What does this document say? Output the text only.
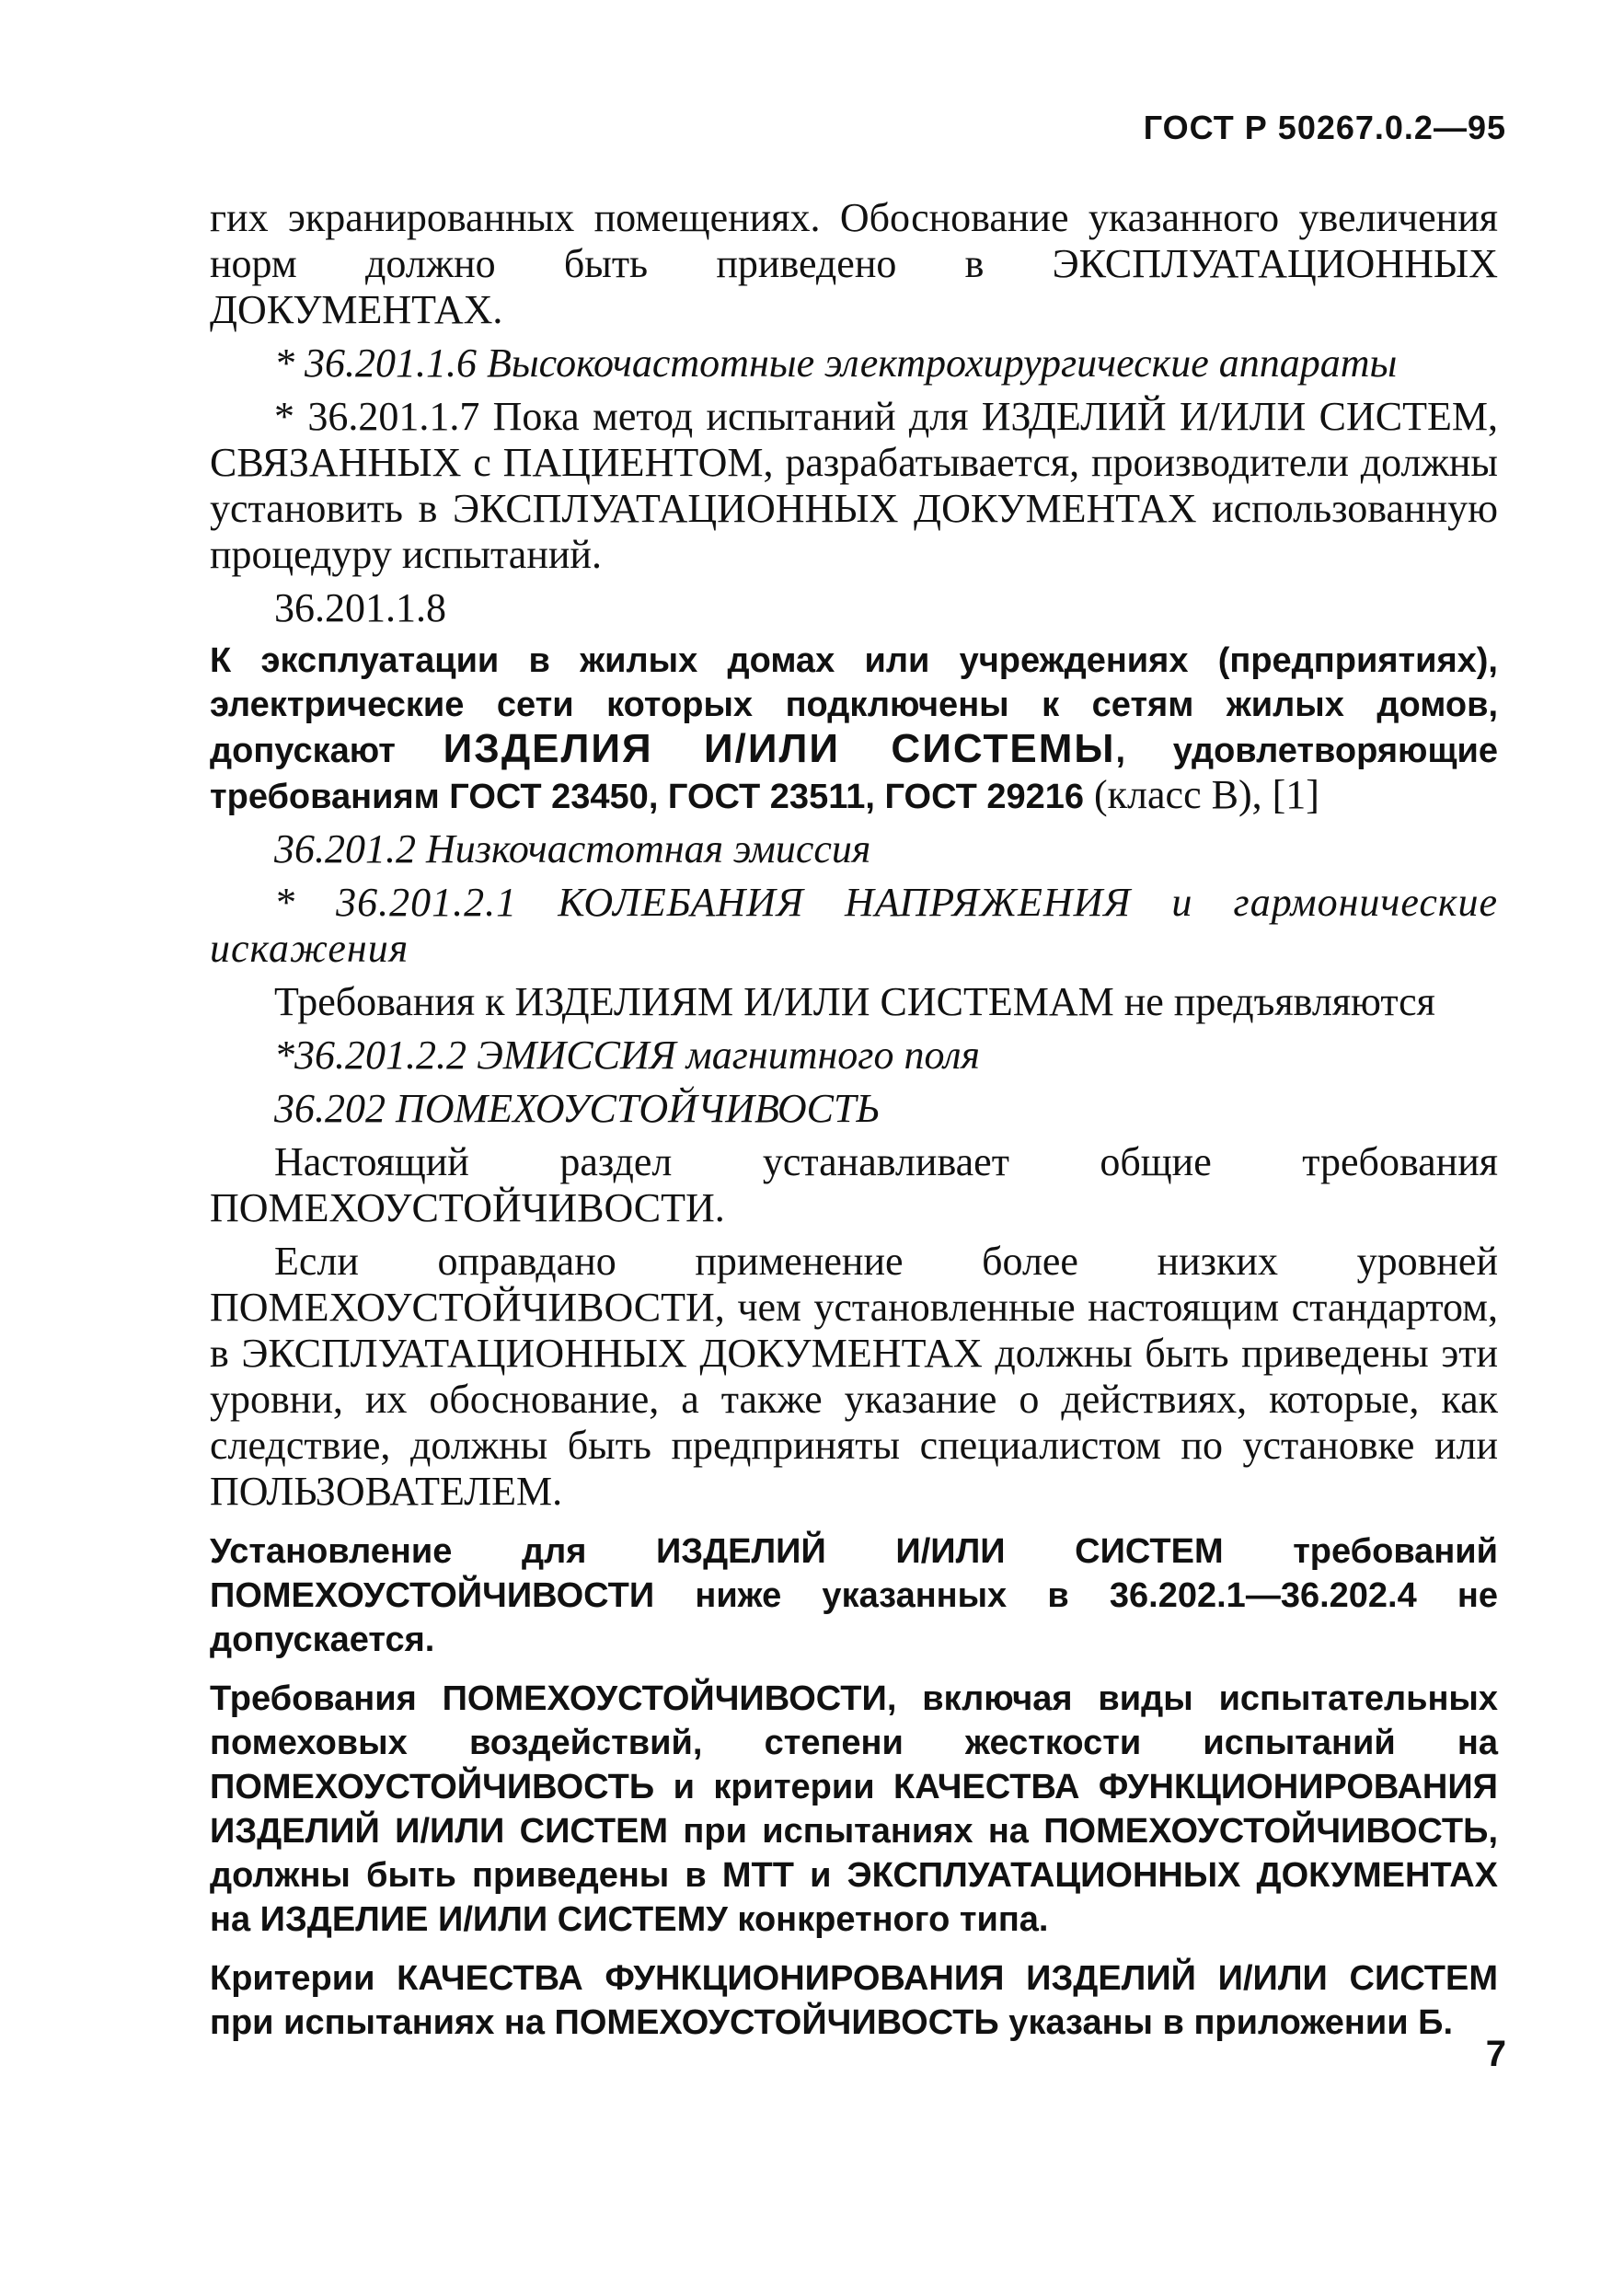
ГОСТ Р 50267.0.2—95

гих экранированных помещениях. Обоснование указанного увеличения норм должно быть приведено в ЭКСПЛУАТАЦИОННЫХ ДОКУМЕНТАХ.

* 36.201.1.6 Высокочастотные электрохирургические аппараты

* 36.201.1.7 Пока метод испытаний для ИЗДЕЛИЙ И/ИЛИ СИСТЕМ, СВЯЗАННЫХ с ПАЦИЕНТОМ, разрабатывается, производители должны установить в ЭКСПЛУАТАЦИОННЫХ ДОКУМЕНТАХ использованную процедуру испытаний.

36.201.1.8

К эксплуатации в жилых домах или учреждениях (предприятиях), электрические сети которых подключены к сетям жилых домов, допускают ИЗДЕЛИЯ И/ИЛИ СИСТЕМЫ, удовлетворяющие требованиям ГОСТ 23450, ГОСТ 23511, ГОСТ 29216 (класс В), [1]

36.201.2 Низкочастотная эмиссия

* 36.201.2.1 КОЛЕБАНИЯ НАПРЯЖЕНИЯ и гармонические искажения

Требования к ИЗДЕЛИЯМ И/ИЛИ СИСТЕМАМ не предъявляются

*36.201.2.2 ЭМИССИЯ магнитного поля

36.202 ПОМЕХОУСТОЙЧИВОСТЬ

Настоящий раздел устанавливает общие требования ПОМЕХОУСТОЙЧИВОСТИ.

Если оправдано применение более низких уровней ПОМЕХОУСТОЙЧИВОСТИ, чем установленные настоящим стандартом, в ЭКСПЛУАТАЦИОННЫХ ДОКУМЕНТАХ должны быть приведены эти уровни, их обоснование, а также указание о действиях, которые, как следствие, должны быть предприняты специалистом по установке или ПОЛЬЗОВАТЕЛЕМ.

Установление для ИЗДЕЛИЙ И/ИЛИ СИСТЕМ требований ПОМЕХОУСТОЙЧИВОСТИ ниже указанных в 36.202.1—36.202.4 не допускается.

Требования ПОМЕХОУСТОЙЧИВОСТИ, включая виды испытательных помеховых воздействий, степени жесткости испытаний на ПОМЕХОУСТОЙЧИВОСТЬ и критерии КАЧЕСТВА ФУНКЦИОНИРОВАНИЯ ИЗДЕЛИЙ И/ИЛИ СИСТЕМ при испытаниях на ПОМЕХОУСТОЙЧИВОСТЬ, должны быть приведены в МТТ и ЭКСПЛУАТАЦИОННЫХ ДОКУМЕНТАХ на ИЗДЕЛИЕ И/ИЛИ СИСТЕМУ конкретного типа.

Критерии КАЧЕСТВА ФУНКЦИОНИРОВАНИЯ ИЗДЕЛИЙ И/ИЛИ СИСТЕМ при испытаниях на ПОМЕХОУСТОЙЧИВОСТЬ указаны в приложении Б.

7
